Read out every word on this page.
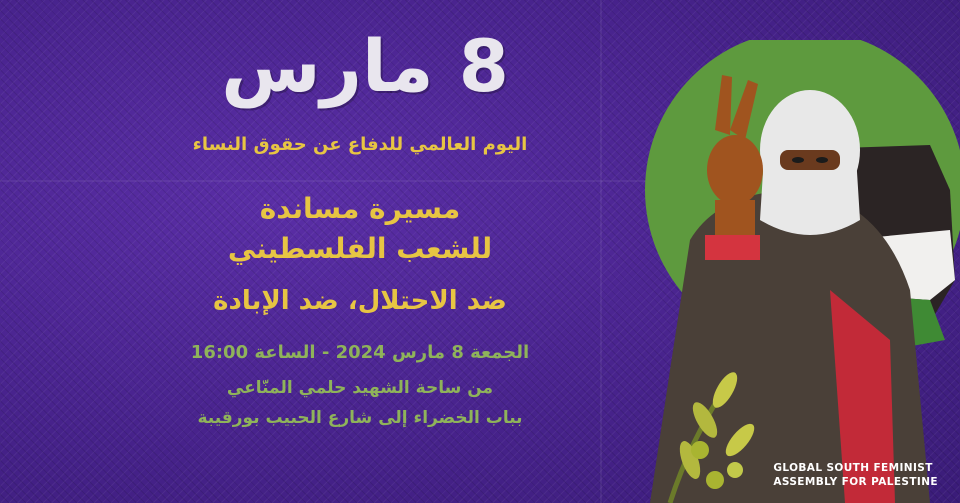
8 مارس
اليوم العالمي للدفاع عن حقوق النساء
مسيرة مساندة
للشعب الفلسطيني
ضد الاحتلال، ضد الإبادة
الجمعة 8 مارس 2024 - الساعة 16:00
من ساحة الشهيد حلمي المنّاعي
بباب الخضراء إلى شارع الحبيب بورقيبة
GLOBAL SOUTH FEMINIST
ASSEMBLY FOR PALESTINE
